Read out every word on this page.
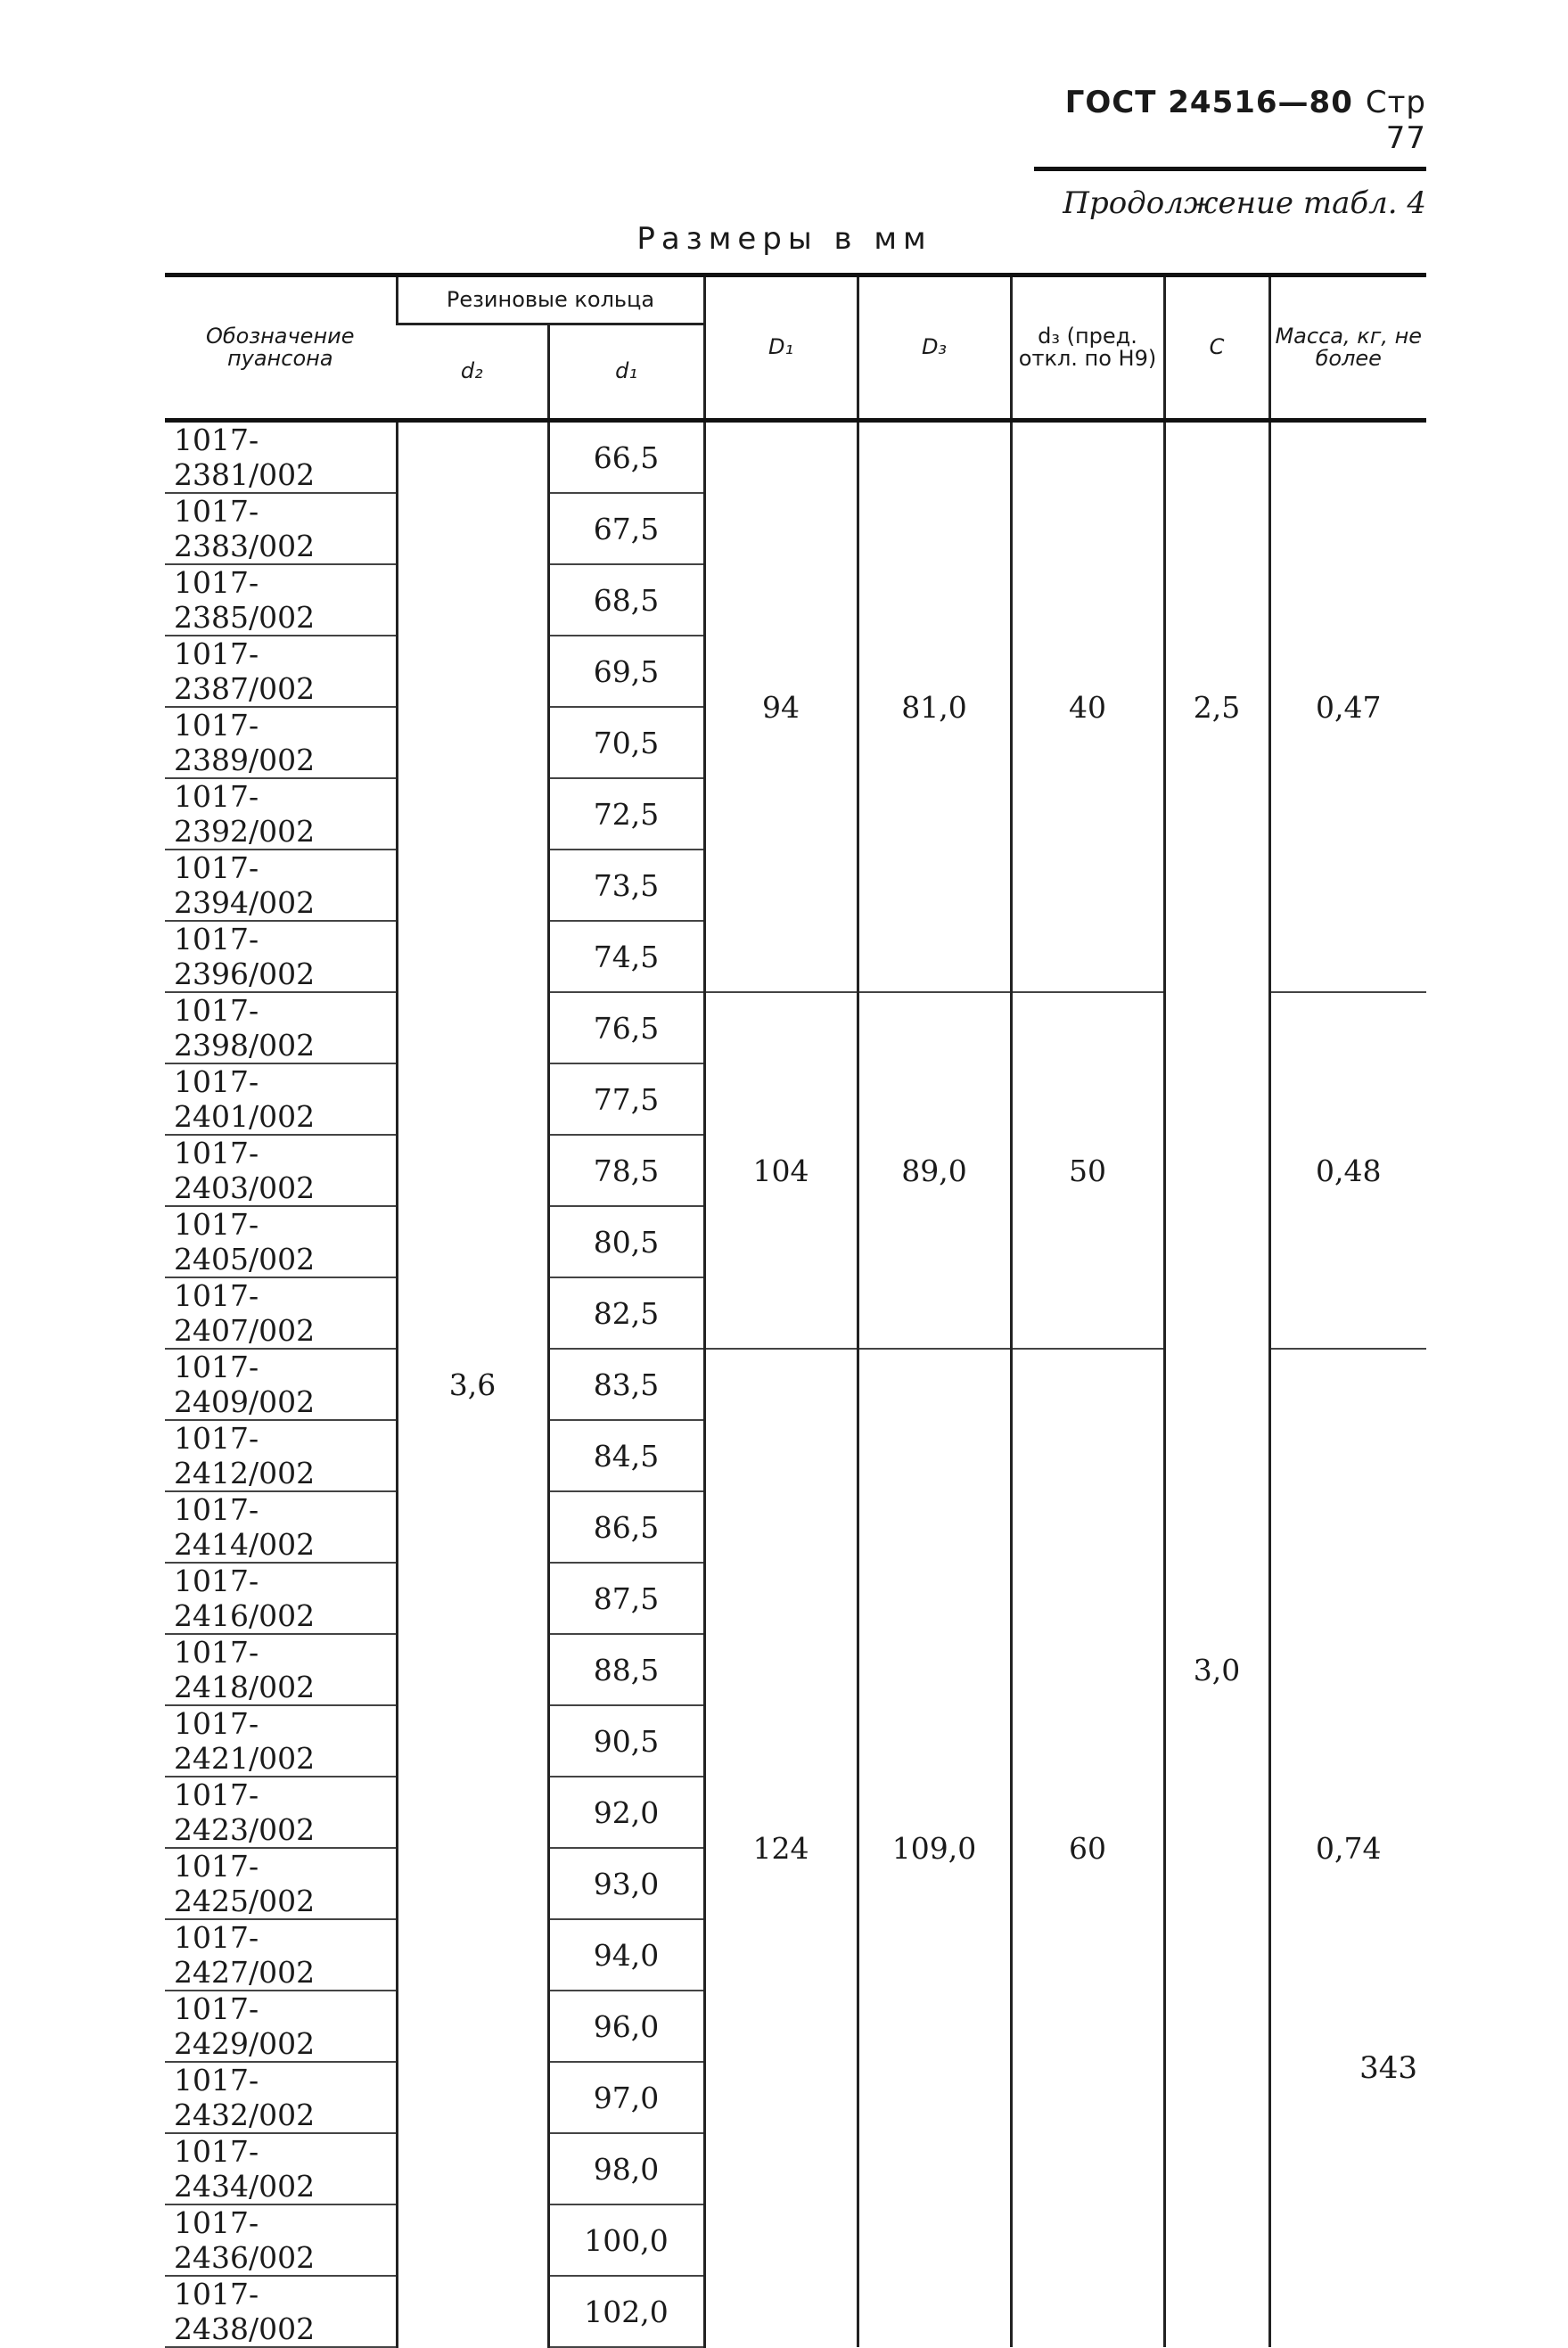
ГОСТ 24516—80 Стр 77
Продолжение табл. 4
Размеры в мм
Обозначение пуансона	Резиновые кольца		D₁	D₃	d₃ (пред. откл. по H9)	C	Масса, кг, не более
	d₂	d₁					
1017-2381/002	3,6	66,5	94	81,0	40	2,5	0,47
1017-2383/002		67,5					
1017-2385/002		68,5					
1017-2387/002		69,5					
1017-2389/002		70,5					
1017-2392/002		72,5					
1017-2394/002		73,5					
1017-2396/002		74,5					
1017-2398/002		76,5	104	89,0	50	3,0	0,48
1017-2401/002		77,5					
1017-2403/002		78,5					
1017-2405/002		80,5					
1017-2407/002		82,5					
1017-2409/002		83,5	124	109,0	60		0,74
1017-2412/002		84,5					
1017-2414/002		86,5					
1017-2416/002		87,5					
1017-2418/002		88,5					
1017-2421/002		90,5					
1017-2423/002		92,0					
1017-2425/002		93,0					
1017-2427/002		94,0					
1017-2429/002		96,0					
1017-2432/002		97,0					
1017-2434/002		98,0					
1017-2436/002		100,0					
1017-2438/002		102,0					
343
